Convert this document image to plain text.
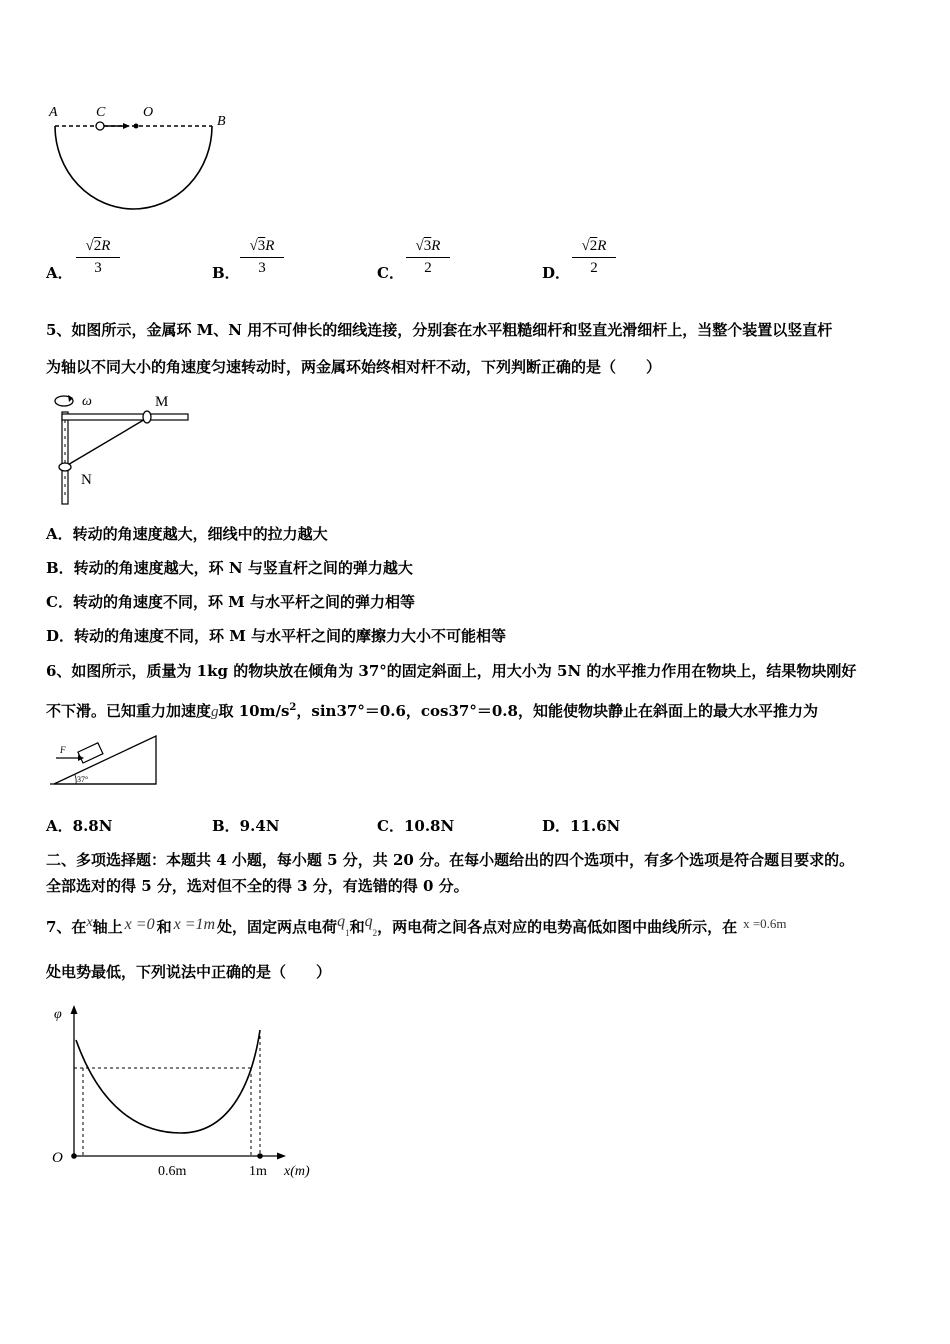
A	C	O
B
A． $\frac{√2R}{3}$	B． $\frac{√3R}{3}$	C． $\frac{√3R}{2}$	D． $\frac{√2R}{2}$
5、如图所示，金属环 M、N 用不可伸长的细线连接，分别套在水平粗糙细杆和竖直光滑细杆上，当整个装置以竖直杆
为轴以不同大小的角速度匀速转动时，两金属环始终相对杆不动，下列判断正确的是（　　）
ω	M
N
A．转动的角速度越大，细线中的拉力越大
B．转动的角速度越大，环 N 与竖直杆之间的弹力越大
C．转动的角速度不同，环 M 与水平杆之间的弹力相等
D．转动的角速度不同，环 M 与水平杆之间的摩擦力大小不可能相等
6、如图所示，质量为 1kg 的物块放在倾角为 37°的固定斜面上，用大小为 5N 的水平推力作用在物块上，结果物块刚好
不下滑。已知重力加速度g取 $10m/s^2$，sin37°＝0.6，cos37°＝0.8，知能使物块静止在斜面上的最大水平推力为
F
37°
A．8.8N	B．9.4N	C．10.8N	D．11.6N
二、多项选择题：本题共 4 小题，每小题 5 分，共 20 分。在每小题给出的四个选项中，有多个选项是符合题目要求的。
全部选对的得 5 分，选对但不全的得 3 分，有选错的得 0 分。
7、在x轴上 x =0 和 x =1m 处，固定两点电荷$q_1$和$q_2$，两电荷之间各点对应的电势高低如图中曲线所示，在 x =0.6m
处电势最低，下列说法中正确的是（　　）
φ
O
0.6m	1m x(m)
